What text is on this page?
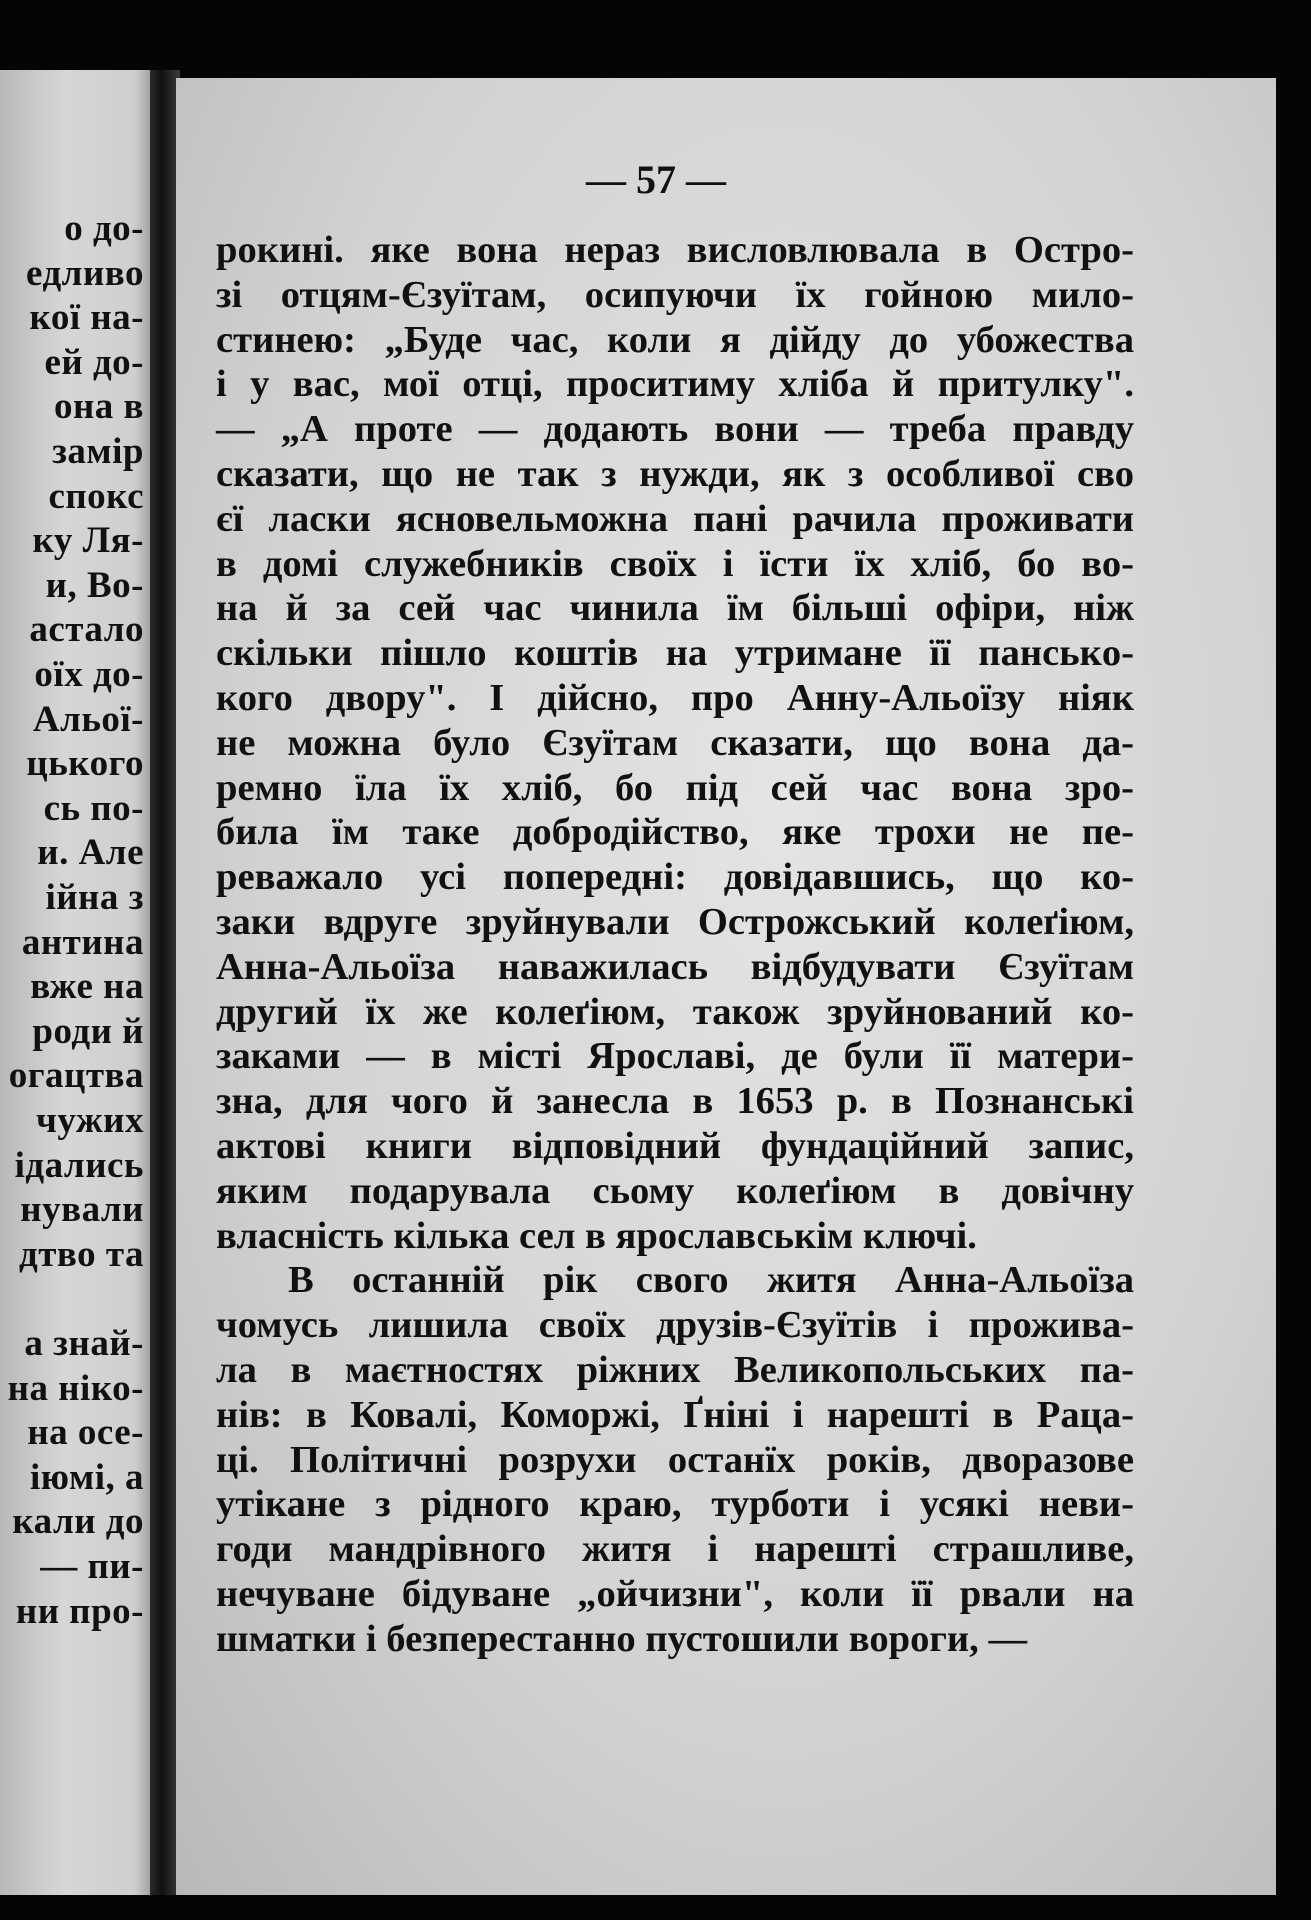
о до-
едливо
кої на-
ей до-
она в
замір
спокс
ку Ля-
и, Во-
астало
оїх до-
Альої-
цького
сь по-
и. Але
ійна з
антина
вже на
роди й
огацтва
чужих
ідались
нували
дтво та
а знай-
на ніко-
на осе-
іюмі, а
кали до
— пи-
ни про-
— 57 —
рокині. яке вона нераз висловлювала в Остро-
зі отцям-Єзуїтам, осипуючи їх гойною мило-
стинею: „Буде час, коли я дійду до убожества
і у вас, мої отці, проситиму хліба й притулку".
— „А проте — додають вони — треба правду
сказати, що не так з нужди, як з особливої сво
єї ласки ясновельможна пані рачила проживати
в домі служебників своїх і їсти їх хліб, бо во-
на й за сей час чинила їм більші офіри, ніж
скільки пішло коштів на утримане її панськo-
кого двору". І дійсно, про Анну-Альоїзу ніяк
не можна було Єзуїтам сказати, що вона да-
ремно їла їх хліб, бо під сей час вона зро-
била їм таке добродійство, яке трохи не пе-
реважало усі попередні: довідавшись, що ко-
заки вдруге зруйнували Острожський колеґіюм,
Анна-Альоїза наважилась відбудувати Єзуїтам
другий їх же колеґіюм, також зруйнований ко-
заками — в місті Ярославі, де були її матери-
зна, для чого й занесла в 1653 р. в Познанські
актові книги відповідний фундаційний запис,
яким подарувала сьому колеґіюм в довічну
власність кілька сел в ярославськім ключі.
В останній рік свого житя Анна-Альоїза
чомусь лишила своїх друзів-Єзуїтів і прожива-
ла в маєтностях ріжних Великопольських па-
нів: в Ковалі, Коморжі, Ґніні і нарешті в Раца-
ці. Політичні розрухи останїх років, дворазове
утікане з рідного краю, турботи і усякі неви-
годи мандрівного житя і нарешті страшливе,
нечуване бідуване „ойчизни", коли її рвали на
шматки і безперестанно пустошили вороги, —
